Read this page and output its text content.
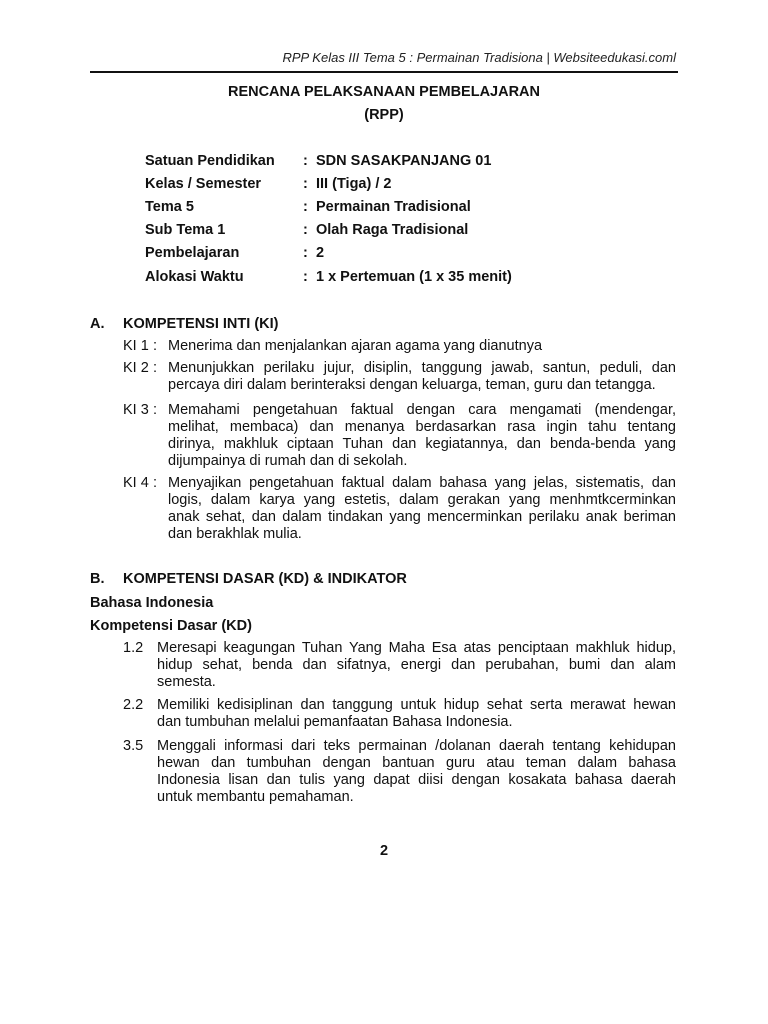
RPP Kelas III Tema 5 : Permainan Tradisiona | Websiteedukasi.coml
RENCANA PELAKSANAAN PEMBELAJARAN
(RPP)
A. KOMPETENSI INTI (KI)
B. KOMPETENSI DASAR (KD) & INDIKATOR
Bahasa Indonesia
Kompetensi Dasar (KD)
2
Satuan Pendidikan : SDN SASAKPANJANG 01
Kelas / Semester	: III (Tiga) / 2
Tema 5	: Permainan Tradisional
Sub Tema 1	: Olah Raga Tradisional
Pembelajaran	: 2
Alokasi Waktu	: 1 x Pertemuan (1 x 35 menit)
KI 1 : Menerima dan menjalankan ajaran agama yang dianutnya
KI 2 : Menunjukkan perilaku jujur, disiplin, tanggung jawab, santun, peduli, dan
percaya diri dalam berinteraksi dengan keluarga, teman, guru dan tetangga.
KI 3 : Memahami pengetahuan faktual dengan cara mengamati (mendengar,
melihat, membaca) dan menanya berdasarkan rasa ingin tahu tentang
dirinya, makhluk ciptaan Tuhan dan kegiatannya, dan benda-benda yang
dijumpainya di rumah dan di sekolah.
KI 4 : Menyajikan pengetahuan faktual dalam bahasa yang jelas, sistematis, dan
logis, dalam karya yang estetis, dalam gerakan yang menhmtkcerminkan
anak sehat, dan dalam tindakan yang mencerminkan perilaku anak beriman
dan berakhlak mulia.
1.2 Meresapi keagungan Tuhan Yang Maha Esa atas penciptaan makhluk hidup,
hidup sehat, benda dan sifatnya, energi dan perubahan, bumi dan alam
semesta.
2.2 Memiliki kedisiplinan dan tanggung untuk hidup sehat serta merawat hewan
dan tumbuhan melalui pemanfaatan Bahasa Indonesia.
3.5 Menggali informasi dari teks permainan /dolanan daerah tentang kehidupan
hewan dan tumbuhan dengan bantuan guru atau teman dalam bahasa
Indonesia lisan dan tulis yang dapat diisi dengan kosakata bahasa daerah
untuk membantu pemahaman.
